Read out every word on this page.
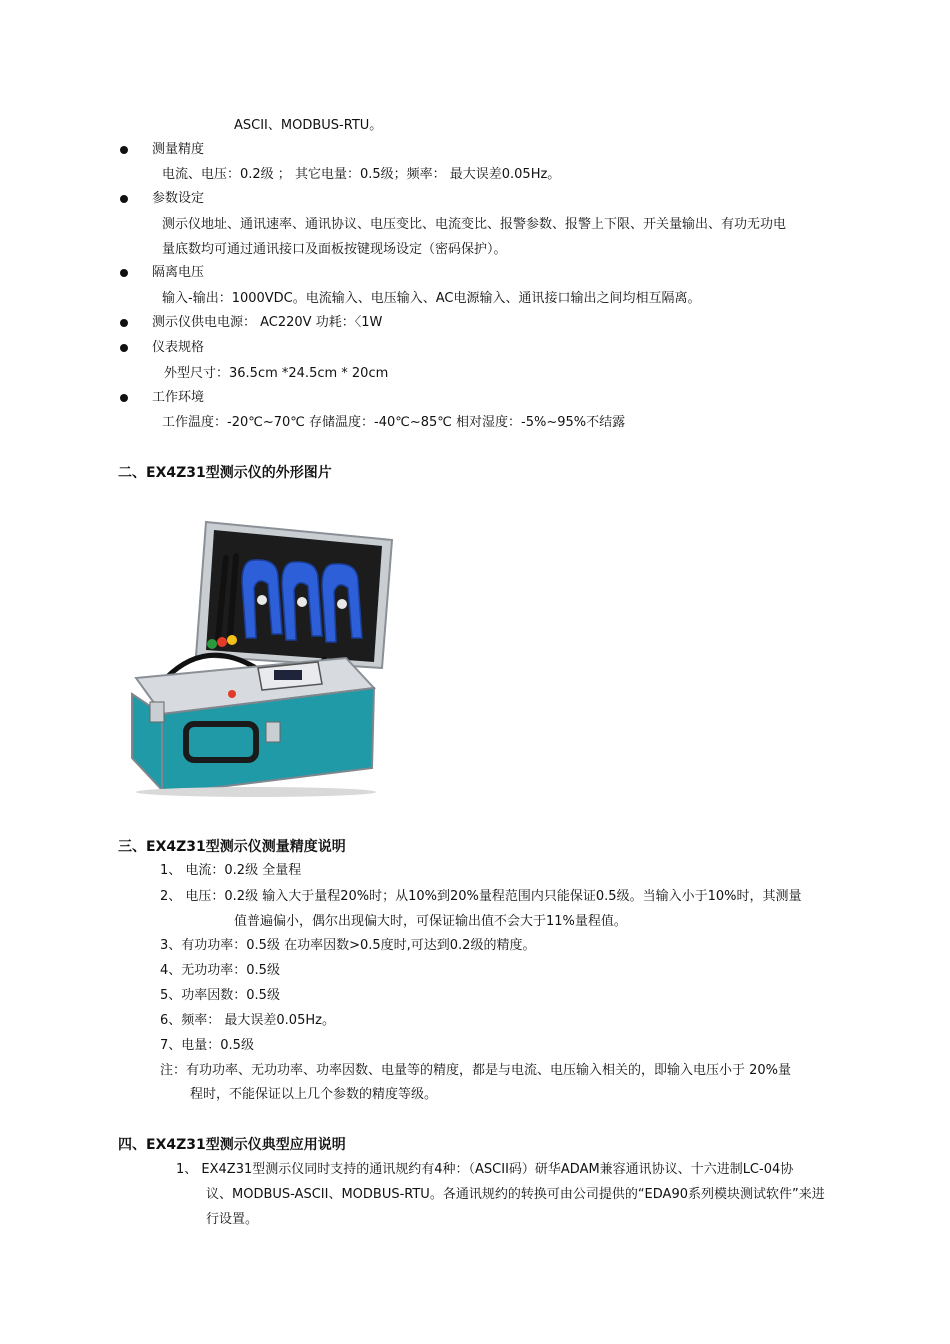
ASCII、MODBUS-RTU。
测量精度
电流、电压：0.2级 ； 其它电量：0.5级；频率： 最大误差0.05Hz。
参数设定
测示仪地址、通讯速率、通讯协议、电压变比、电流变比、报警参数、报警上下限、开关量输出、有功无功电
量底数均可通过通讯接口及面板按键现场设定（密码保护）。
隔离电压
输入-输出：1000VDC。电流输入、电压输入、AC电源输入、通讯接口输出之间均相互隔离。
测示仪供电电源： AC220V 功耗：〈1W
仪表规格
外型尺寸：36.5cm *24.5cm * 20cm
工作环境
工作温度：-20℃~70℃ 存储温度：-40℃~85℃ 相对湿度：-5%~95%不结露
二、EX4Z31型测示仪的外形图片
三、EX4Z31型测示仪测量精度说明
1、 电流：0.2级 全量程
2、 电压：0.2级 输入大于量程20%时；从10%到20%量程范围内只能保证0.5级。当输入小于10%时，其测量
值普遍偏小，偶尔出现偏大时，可保证输出值不会大于11%量程值。
3、有功功率：0.5级 在功率因数>0.5度时,可达到0.2级的精度。
4、无功功率：0.5级
5、功率因数：0.5级
6、频率： 最大误差0.05Hz。
7、电量：0.5级
注：有功功率、无功功率、功率因数、电量等的精度，都是与电流、电压输入相关的，即输入电压小于 20%量
程时，不能保证以上几个参数的精度等级。
四、EX4Z31型测示仪典型应用说明
1、 EX4Z31型测示仪同时支持的通讯规约有4种：（ASCII码）研华ADAM兼容通讯协议、十六进制LC-04协
议、MODBUS-ASCII、MODBUS-RTU。各通讯规约的转换可由公司提供的“EDA90系列模块测试软件”来进
行设置。
